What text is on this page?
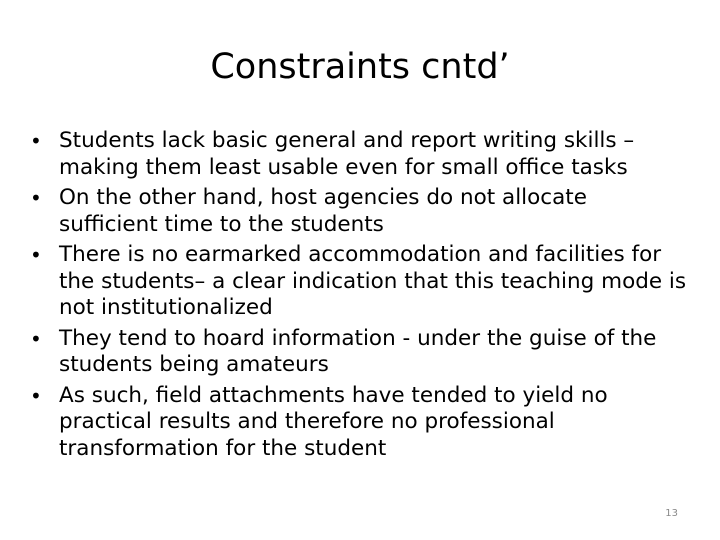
Constraints cntd’
• Students lack basic general and report writing skills – making them least usable even for small office tasks
• On the other hand, host agencies do not allocate sufficient time to the students
• There is no earmarked accommodation and facilities for the students– a clear indication that this teaching mode is not institutionalized
• They tend to hoard information - under the guise of the students being amateurs
• As such, field attachments have tended to yield no practical results and therefore no professional transformation for the student
13
